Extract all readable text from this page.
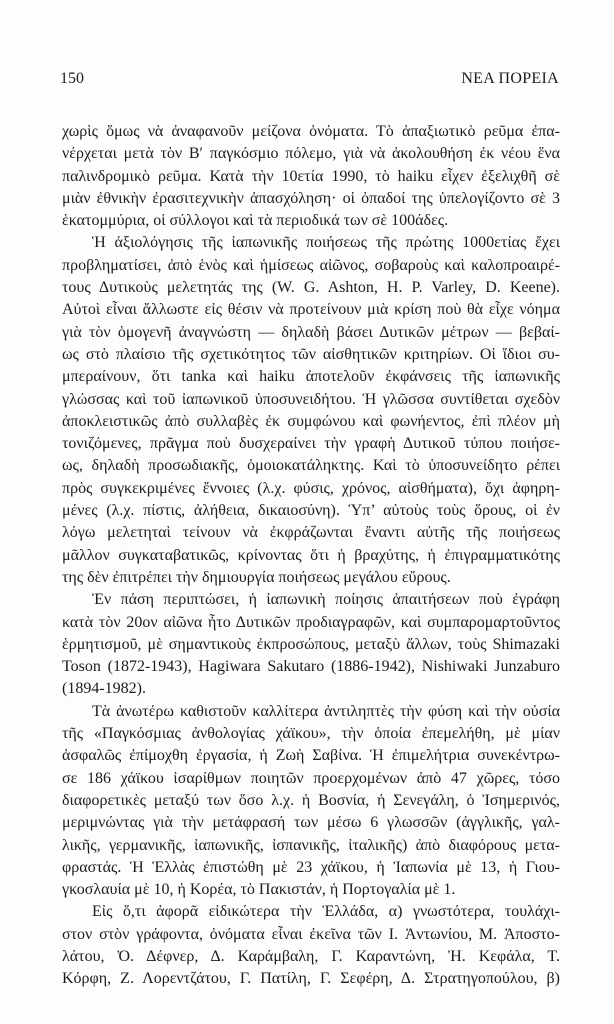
150	ΝΕΑ ΠΟΡΕΙΑ
χωρὶς ὅμως νὰ ἀναφανοῦν μείζονα ὀνόματα. Τὸ ἀπαξιωτικὸ ρεῦμα ἐπα-
νέρχεται μετὰ τὸν Β′ παγκόσμιο πόλεμο, γιὰ νὰ ἀκολουθήση ἐκ νέου ἕνα
παλινδρομικὸ ρεῦμα. Κατὰ τὴν 10ετία 1990, τὸ haiku εἶχεν ἐξελιχθῆ σὲ
μιὰν ἐθνικὴν ἐρασιτεχνικὴν ἀπασχόληση· οἱ ὀπαδοί της ὑπελογίζοντο σὲ 3
ἑκατομμύρια, οἱ σύλλογοι καὶ τὰ περιοδικά των σὲ 100άδες.
Ἡ ἀξιολόγησις τῆς ἰαπωνικῆς ποιήσεως τῆς πρώτης 1000ετίας ἔχει
προβληματίσει, ἀπὸ ἑνὸς καὶ ἡμίσεως αἰῶνος, σοβαροὺς καὶ καλοπροαιρέ-
τους Δυτικοὺς μελετητάς της (W. G. Ashton, H. P. Varley, D. Keene).
Αὐτοὶ εἶναι ἄλλωστε εἰς θέσιν νὰ προτείνουν μιὰ κρίση ποὺ θὰ εἶχε νόημα
γιὰ τὸν ὁμογενῆ ἀναγνώστη — δηλαδὴ βάσει Δυτικῶν μέτρων — βεβαί-
ως στὸ πλαίσιο τῆς σχετικότητος τῶν αἰσθητικῶν κριτηρίων. Οἱ ἴδιοι συ-
μπεραίνουν, ὅτι tanka καὶ haiku ἀποτελοῦν ἐκφάνσεις τῆς ἰαπωνικῆς
γλώσσας καὶ τοῦ ἰαπωνικοῦ ὑποσυνειδήτου. Ἡ γλῶσσα συντίθεται σχεδὸν
ἀποκλειστικῶς ἀπὸ συλλαβὲς ἐκ συμφώνου καὶ φωνήεντος, ἐπὶ πλέον μὴ
τονιζόμενες, πρᾶγμα ποὺ δυσχεραίνει τὴν γραφὴ Δυτικοῦ τύπου ποιήσε-
ως, δηλαδὴ προσωδιακῆς, ὁμοιοκατάληκτης. Καὶ τὸ ὑποσυνείδητο ρέπει
πρὸς συγκεκριμένες ἔννοιες (λ.χ. φύσις, χρόνος, αἰσθήματα), ὄχι ἀφηρη-
μένες (λ.χ. πίστις, ἀλήθεια, δικαιοσύνη). Ὑπ’ αὐτοὺς τοὺς ὅρους, οἱ ἐν
λόγω μελετηταὶ τείνουν νὰ ἐκφράζωνται ἔναντι αὐτῆς τῆς ποιήσεως
μᾶλλον συγκαταβατικῶς, κρίνοντας ὅτι ἡ βραχύτης, ἡ ἐπιγραμματικότης
της δὲν ἐπιτρέπει τὴν δημιουργία ποιήσεως μεγάλου εὔρους.
Ἐν πάση περιπτώσει, ἡ ἰαπωνικὴ ποίησις ἀπαιτήσεων ποὺ ἐγράφη
κατὰ τὸν 20ον αἰῶνα ἦτο Δυτικῶν προδιαγραφῶν, καὶ συμπαρομαρτοῦντος
ἑρμητισμοῦ, μὲ σημαντικοὺς ἐκπροσώπους, μεταξὺ ἄλλων, τοὺς Shimazaki
Toson (1872-1943), Hagiwara Sakutaro (1886-1942), Nishiwaki Junzaburo
(1894-1982).
Τὰ ἀνωτέρω καθιστοῦν καλλίτερα ἀντιληπτὲς τὴν φύση καὶ τὴν οὐσία
τῆς «Παγκόσμιας ἀνθολογίας χάϊκου», τὴν ὁποία ἐπεμελήθη, μὲ μίαν
ἀσφαλῶς ἐπίμοχθη ἐργασία, ἡ Ζωὴ Σαβίνα. Ἡ ἐπιμελήτρια συνεκέντρω-
σε 186 χάϊκου ἰσαρίθμων ποιητῶν προερχομένων ἀπὸ 47 χῶρες, τόσο
διαφορετικὲς μεταξύ των ὅσο λ.χ. ἡ Βοσνία, ἡ Σενεγάλη, ὁ Ἰσημερινός,
μεριμνώντας γιὰ τὴν μετάφρασή των μέσω 6 γλωσσῶν (ἀγγλικῆς, γαλ-
λικῆς, γερμανικῆς, ἰαπωνικῆς, ἰσπανικῆς, ἰταλικῆς) ἀπὸ διαφόρους μετα-
φραστάς. Ἡ Ἑλλὰς ἐπιστώθη μὲ 23 χάϊκου, ἡ Ἰαπωνία μὲ 13, ἡ Γιου-
γκοσλαυία μὲ 10, ἡ Κορέα, τὸ Πακιστάν, ἡ Πορτογαλία μὲ 1.
Εἰς ὅ,τι ἀφορᾶ εἰδικώτερα τὴν Ἑλλάδα, α) γνωστότερα, τουλάχι-
στον στὸν γράφοντα, ὀνόματα εἶναι ἐκεῖνα τῶν Ι. Ἀντωνίου, Μ. Ἀποστο-
λάτου, Ὀ. Δέφνερ, Δ. Καράμβαλη, Γ. Καραντώνη, Ἠ. Κεφάλα, Τ.
Κόρφη, Ζ. Λορεντζάτου, Γ. Πατίλη, Γ. Σεφέρη, Δ. Στρατηγοπούλου, β)
